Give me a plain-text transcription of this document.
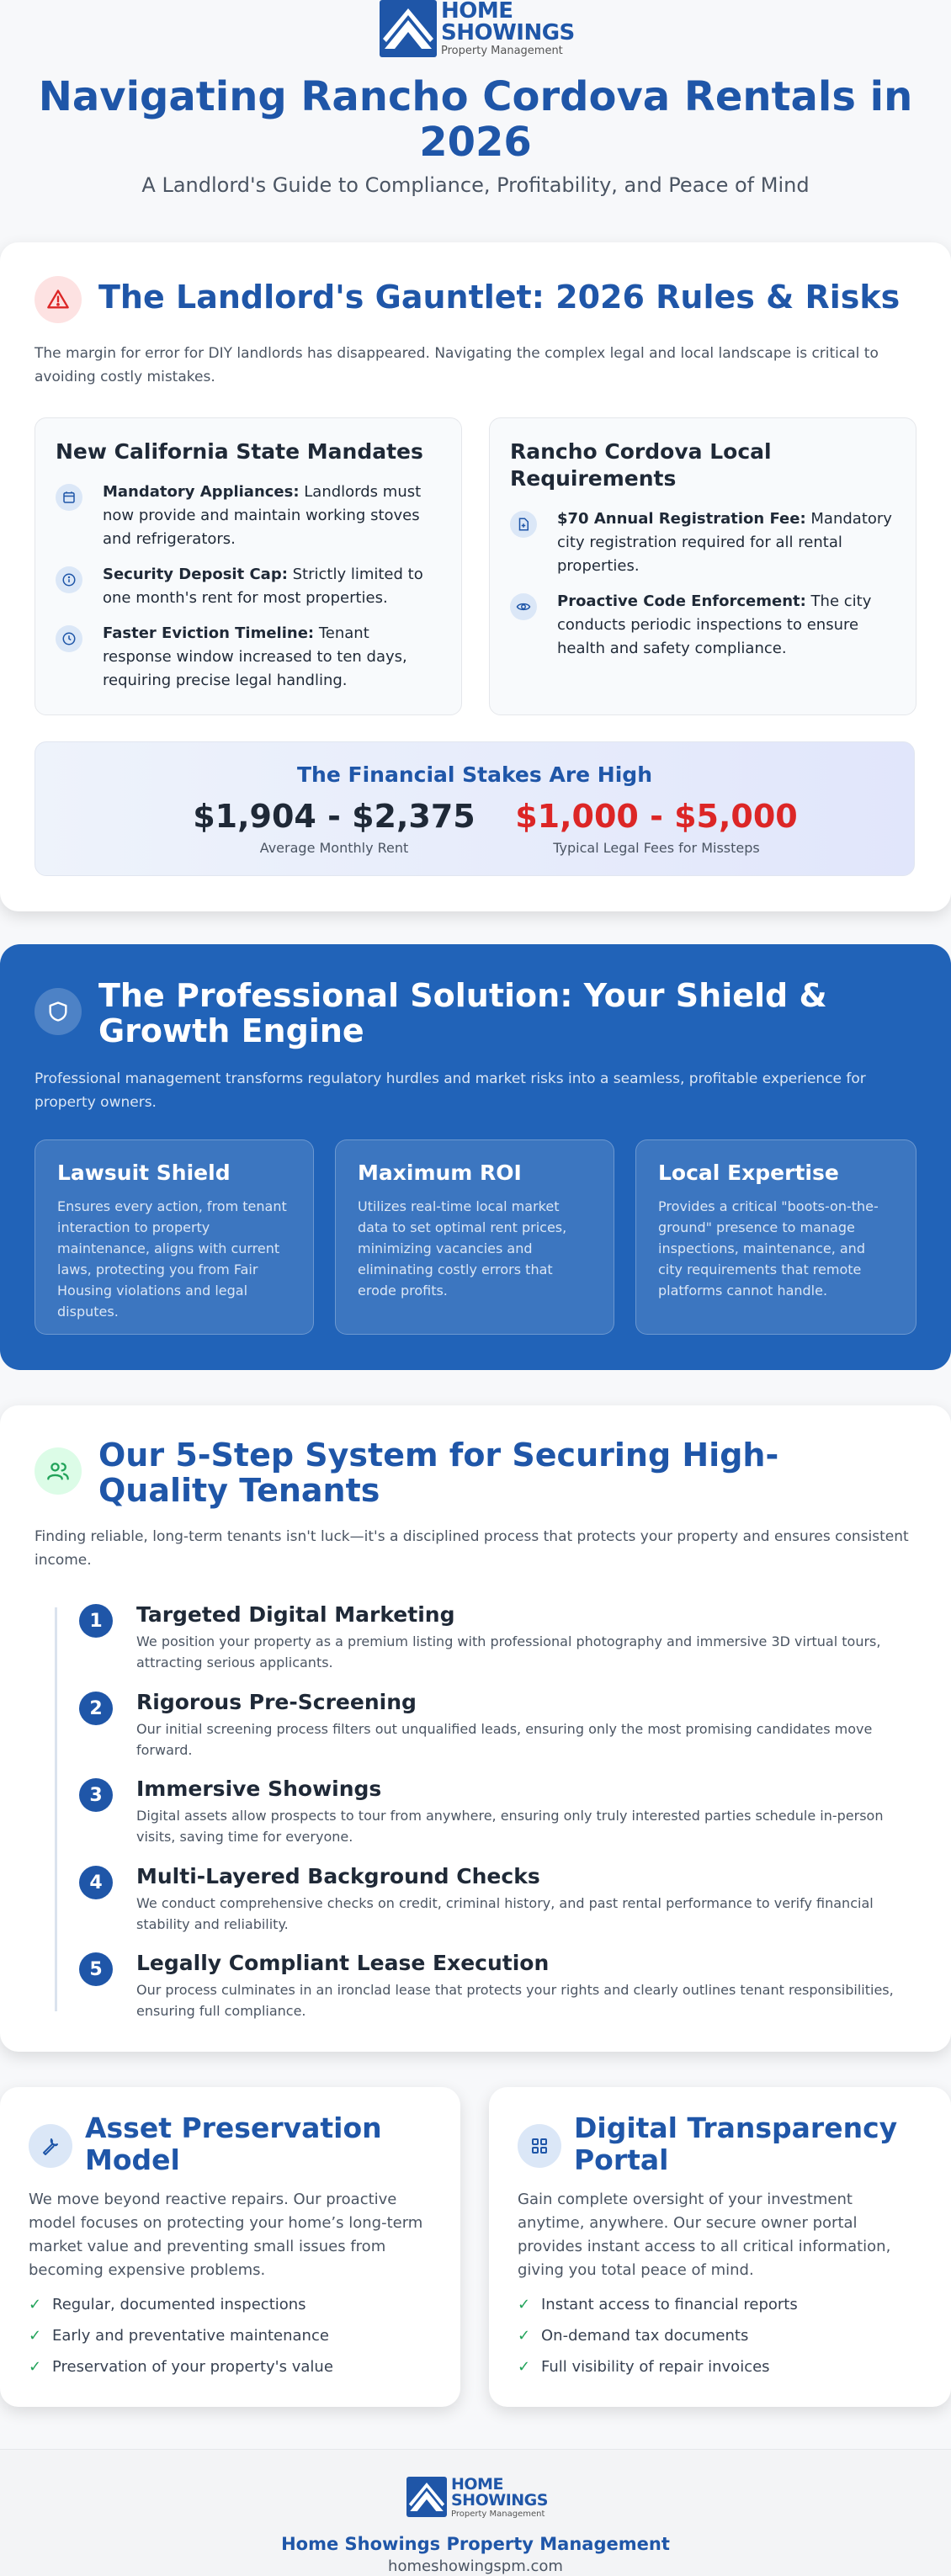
HOME
SHOWINGS
Property Management
Navigating Rancho Cordova Rentals in 2026
A Landlord's Guide to Compliance, Profitability, and Peace of Mind
The Landlord's Gauntlet: 2026 Rules & Risks

The margin for error for DIY landlords has disappeared. Navigating the complex legal and local landscape is critical to avoiding costly mistakes.

New California State Mandates
Mandatory Appliances: Landlords must now provide and maintain working stoves and refrigerators.
Security Deposit Cap: Strictly limited to one month's rent for most properties.
Faster Eviction Timeline: Tenant response window increased to ten days, requiring precise legal handling.
Rancho Cordova Local Requirements
$70 Annual Registration Fee: Mandatory city registration required for all rental properties.
Proactive Code Enforcement: The city conducts periodic inspections to ensure health and safety compliance.
The Financial Stakes Are High
$1,904 - $2,375
Average Monthly Rent
$1,000 - $5,000
Typical Legal Fees for Missteps
The Professional Solution: Your Shield & Growth Engine

Professional management transforms regulatory hurdles and market risks into a seamless, profitable experience for property owners.

Lawsuit Shield

Ensures every action, from tenant interaction to property maintenance, aligns with current laws, protecting you from Fair Housing violations and legal disputes.

Maximum ROI

Utilizes real-time local market data to set optimal rent prices, minimizing vacancies and eliminating costly errors that erode profits.

Local Expertise

Provides a critical "boots-on-the-ground" presence to manage inspections, maintenance, and city requirements that remote platforms cannot handle.

Our 5-Step System for Securing High-Quality Tenants

Finding reliable, long-term tenants isn't luck—it's a disciplined process that protects your property and ensures consistent income.

1	Targeted Digital Marketing
We position your property as a premium listing with professional photography and immersive 3D virtual tours, attracting serious applicants.
2	Rigorous Pre-Screening
Our initial screening process filters out unqualified leads, ensuring only the most promising candidates move forward.
3	Immersive Showings
Digital assets allow prospects to tour from anywhere, ensuring only truly interested parties schedule in-person visits, saving time for everyone.
4	Multi-Layered Background Checks
We conduct comprehensive checks on credit, criminal history, and past rental performance to verify financial stability and reliability.
5	Legally Compliant Lease Execution
Our process culminates in an ironclad lease that protects your rights and clearly outlines tenant responsibilities, ensuring full compliance.
Asset Preservation Model

We move beyond reactive repairs. Our proactive model focuses on protecting your home’s long-term market value and preventing small issues from becoming expensive problems.

✓ Regular, documented inspections
✓ Early and preventative maintenance
✓ Preservation of your property's value
Digital Transparency Portal

Gain complete oversight of your investment anytime, anywhere. Our secure owner portal provides instant access to all critical information, giving you total peace of mind.

✓ Instant access to financial reports
✓ On-demand tax documents
✓ Full visibility of repair invoices
HOME
SHOWINGS
Property Management
Home Showings Property Management
homeshowingspm.com
